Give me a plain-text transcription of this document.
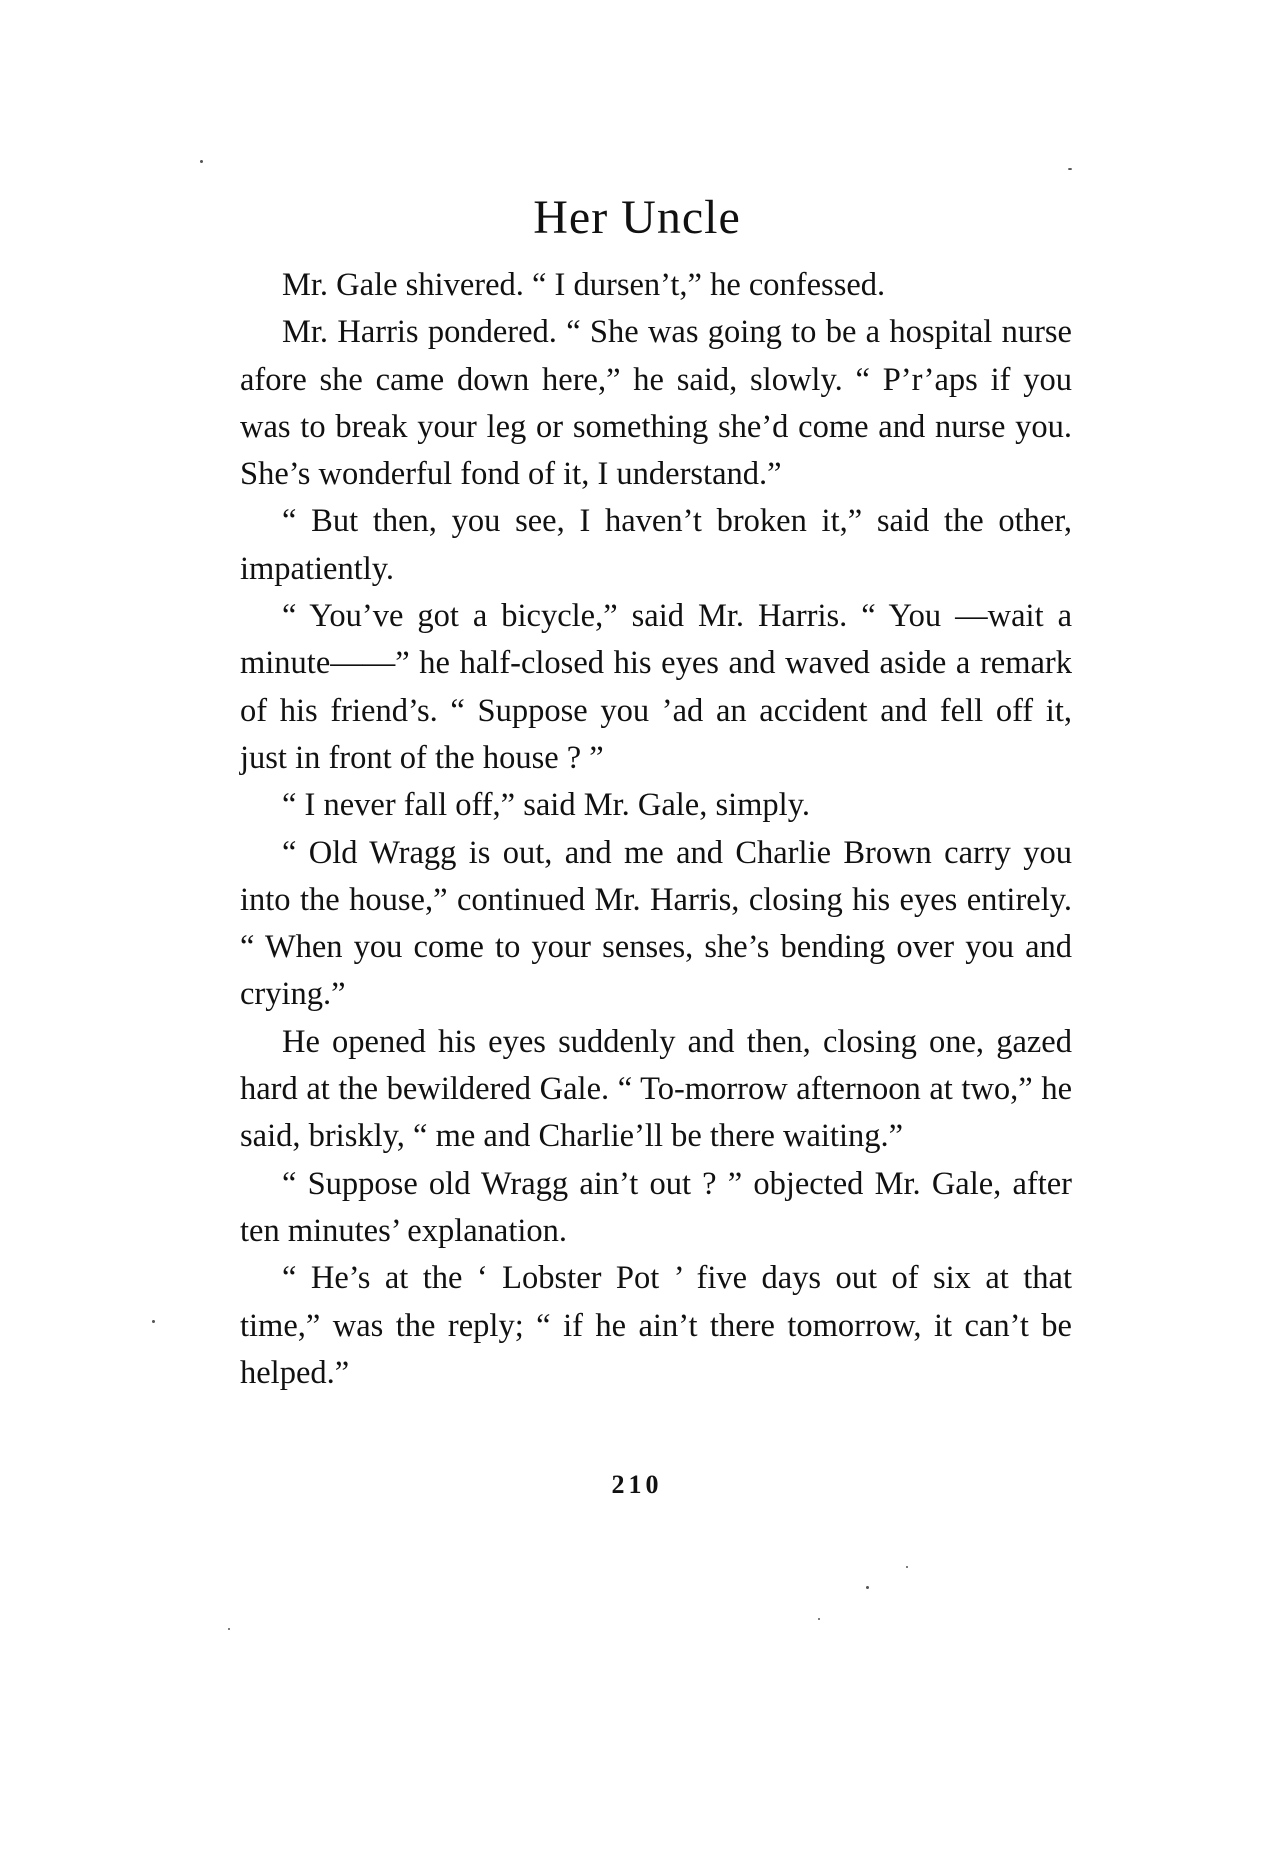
Her Uncle

Mr. Gale shivered. “ I dursen’t,” he confessed.

Mr. Harris pondered. “ She was going to be a hospital nurse afore she came down here,” he said, slowly. “ P’r’aps if you was to break your leg or something she’d come and nurse you. She’s wonderful fond of it, I understand.”

“ But then, you see, I haven’t broken it,” said the other, impatiently.

“ You’ve got a bicycle,” said Mr. Harris. “ You —wait a minute——” he half-closed his eyes and waved aside a remark of his friend’s. “ Suppose you ’ad an accident and fell off it, just in front of the house ? ”

“ I never fall off,” said Mr. Gale, simply.

“ Old Wragg is out, and me and Charlie Brown carry you into the house,” continued Mr. Harris, closing his eyes entirely. “ When you come to your senses, she’s bending over you and crying.”

He opened his eyes suddenly and then, closing one, gazed hard at the bewildered Gale. “ To-morrow afternoon at two,” he said, briskly, “ me and Charlie’ll be there waiting.”

“ Suppose old Wragg ain’t out ? ” objected Mr. Gale, after ten minutes’ explanation.

“ He’s at the ‘ Lobster Pot ’ five days out of six at that time,” was the reply; “ if he ain’t there tomorrow, it can’t be helped.”

210
